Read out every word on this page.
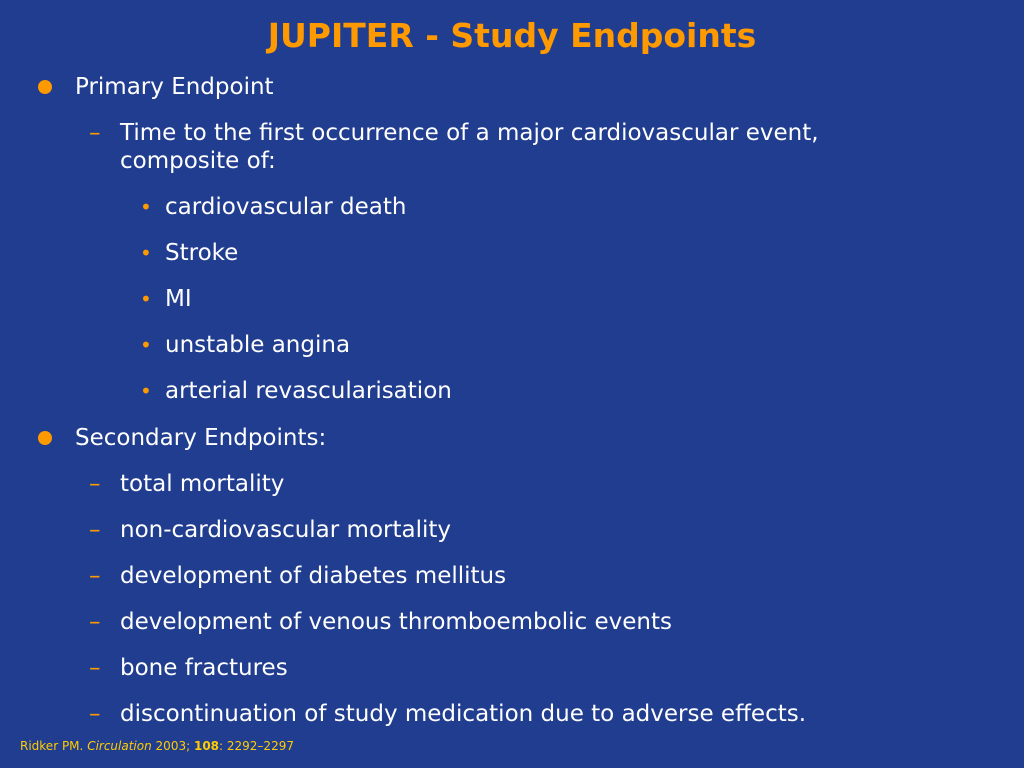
JUPITER - Study Endpoints
Primary Endpoint
– Time to the first occurrence of a major cardiovascular event, composite of:
• cardiovascular death
• Stroke
• MI
• unstable angina
• arterial revascularisation
Secondary Endpoints:
– total mortality
– non-cardiovascular mortality
– development of diabetes mellitus
– development of venous thromboembolic events
– bone fractures
– discontinuation of study medication due to adverse effects.
Ridker PM. Circulation 2003; 108: 2292–2297
